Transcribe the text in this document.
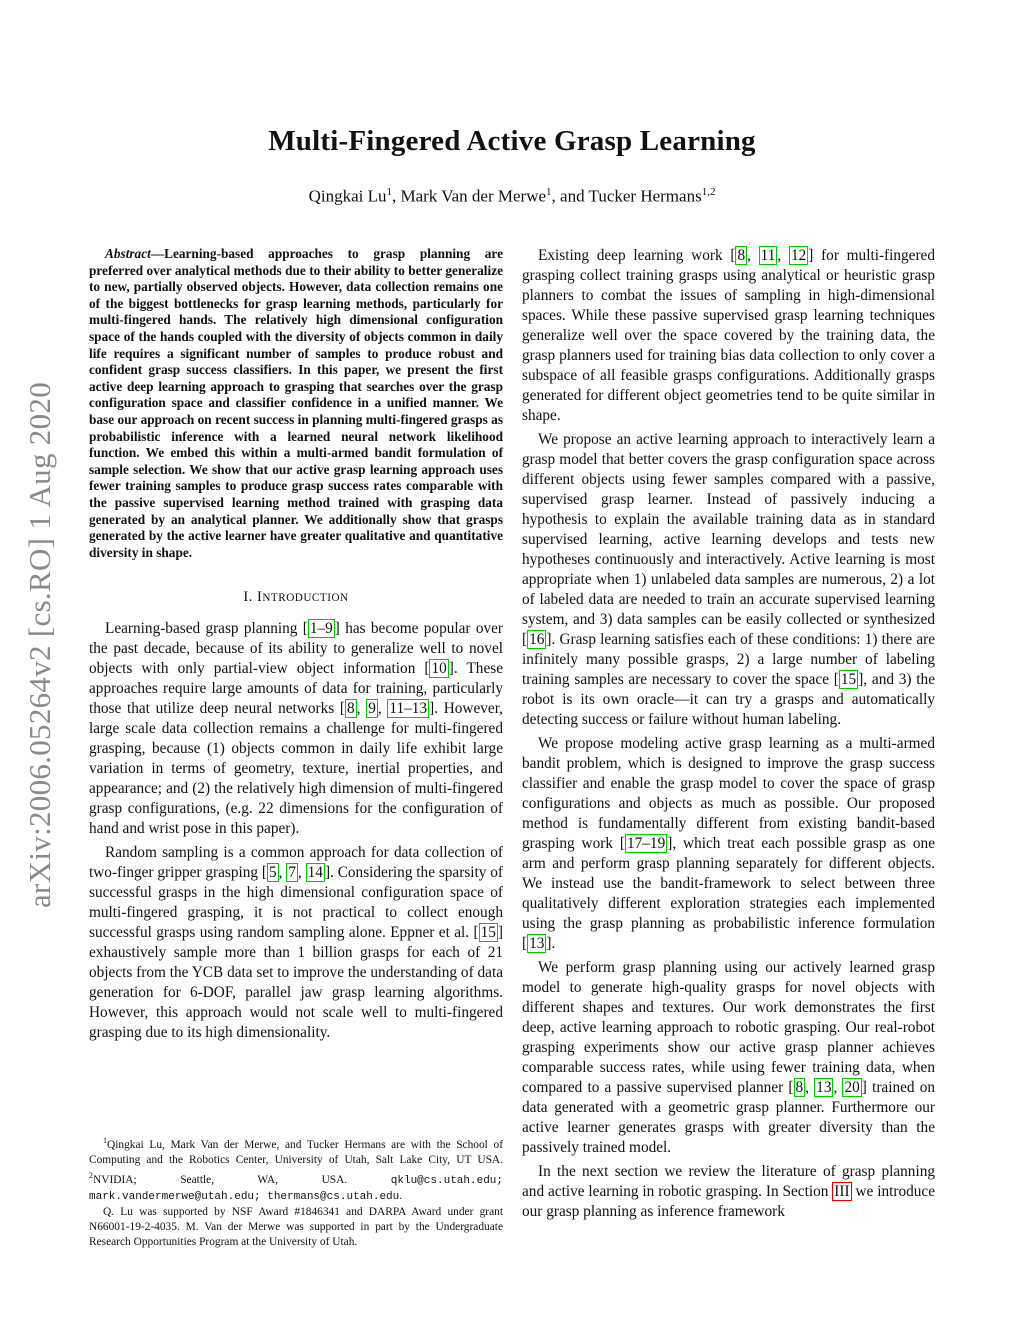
arXiv:2006.05264v2 [cs.RO] 1 Aug 2020
Multi-Fingered Active Grasp Learning
Qingkai Lu$^1$, Mark Van der Merwe$^1$, and Tucker Hermans$^{1,2}$

Abstract—Learning-based approaches to grasp planning are preferred over analytical methods due to their ability to better generalize to new, partially observed objects. However, data collection remains one of the biggest bottlenecks for grasp learning methods, particularly for multi-fingered hands. The relatively high dimensional configuration space of the hands coupled with the diversity of objects common in daily life requires a significant number of samples to produce robust and confident grasp success classifiers. In this paper, we present the first active deep learning approach to grasping that searches over the grasp configuration space and classifier confidence in a unified manner. We base our approach on recent success in planning multi-fingered grasps as probabilistic inference with a learned neural network likelihood function. We embed this within a multi-armed bandit formulation of sample selection. We show that our active grasp learning approach uses fewer training samples to produce grasp success rates comparable with the passive supervised learning method trained with grasping data generated by an analytical planner. We additionally show that grasps generated by the active learner have greater qualitative and quantitative diversity in shape.

I. INTRODUCTION

Learning-based grasp planning [ 1–9 ] has become popular over the past decade, because of its ability to generalize well to novel objects with only partial-view object information [ 10 ]. These approaches require large amounts of data for training, particularly those that utilize deep neural networks [ 8 , 9 , 11–13 ]. However, large scale data collection remains a challenge for multi-fingered grasping, because (1) objects common in daily life exhibit large variation in terms of geometry, texture, inertial properties, and appearance; and (2) the relatively high dimension of multi-fingered grasp configurations, (e.g. 22 dimensions for the configuration of hand and wrist pose in this paper).

Random sampling is a common approach for data collection of two-finger gripper grasping [ 5 , 7 , 14 ]. Considering the sparsity of successful grasps in the high dimensional configuration space of multi-fingered grasping, it is not practical to collect enough successful grasps using random sampling alone. Eppner et al. [ 15 ] exhaustively sample more than 1 billion grasps for each of 21 objects from the YCB data set to improve the understanding of data generation for 6-DOF, parallel jaw grasp learning algorithms. However, this approach would not scale well to multi-fingered grasping due to its high dimensionality.

Existing deep learning work [ 8 , 11 , 12 ] for multi-fingered grasping collect training grasps using analytical or heuristic grasp planners to combat the issues of sampling in high-dimensional spaces. While these passive supervised grasp learning techniques generalize well over the space covered by the training data, the grasp planners used for training bias data collection to only cover a subspace of all feasible grasps configurations. Additionally grasps generated for different object geometries tend to be quite similar in shape.

We propose an active learning approach to interactively learn a grasp model that better covers the grasp configuration space across different objects using fewer samples compared with a passive, supervised grasp learner. Instead of passively inducing a hypothesis to explain the available training data as in standard supervised learning, active learning develops and tests new hypotheses continuously and interactively. Active learning is most appropriate when 1) unlabeled data samples are numerous, 2) a lot of labeled data are needed to train an accurate supervised learning system, and 3) data samples can be easily collected or synthesized [ 16 ]. Grasp learning satisfies each of these conditions: 1) there are infinitely many possible grasps, 2) a large number of labeling training samples are necessary to cover the space [ 15 ], and 3) the robot is its own oracle—it can try a grasps and automatically detecting success or failure without human labeling.

We propose modeling active grasp learning as a multi-armed bandit problem, which is designed to improve the grasp success classifier and enable the grasp model to cover the space of grasp configurations and objects as much as possible. Our proposed method is fundamentally different from existing bandit-based grasping work [ 17–19 ], which treat each possible grasp as one arm and perform grasp planning separately for different objects. We instead use the bandit-framework to select between three qualitatively different exploration strategies each implemented using the grasp planning as probabilistic inference formulation [ 13 ].

We perform grasp planning using our actively learned grasp model to generate high-quality grasps for novel objects with different shapes and textures. Our work demonstrates the first deep, active learning approach to robotic grasping. Our real-robot grasping experiments show our active grasp planner achieves comparable success rates, while using fewer training data, when compared to a passive supervised planner [ 8 , 13 , 20 ] trained on data generated with a geometric grasp planner. Furthermore our active learner generates grasps with greater diversity than the passively trained model.

In the next section we review the literature of grasp planning and active learning in robotic grasping. In Section III we introduce our grasp planning as inference framework

$^1$Qingkai Lu, Mark Van der Merwe, and Tucker Hermans are with the School of Computing and the Robotics Center, University of Utah, Salt Lake City, UT USA. $^2$NVIDIA; Seattle, WA, USA. qklu@cs.utah.edu; mark.vandermerwe@utah.edu; thermans@cs.utah.edu.

Q. Lu was supported by NSF Award #1846341 and DARPA Award under grant N66001-19-2-4035. M. Van der Merwe was supported in part by the Undergraduate Research Opportunities Program at the University of Utah.
